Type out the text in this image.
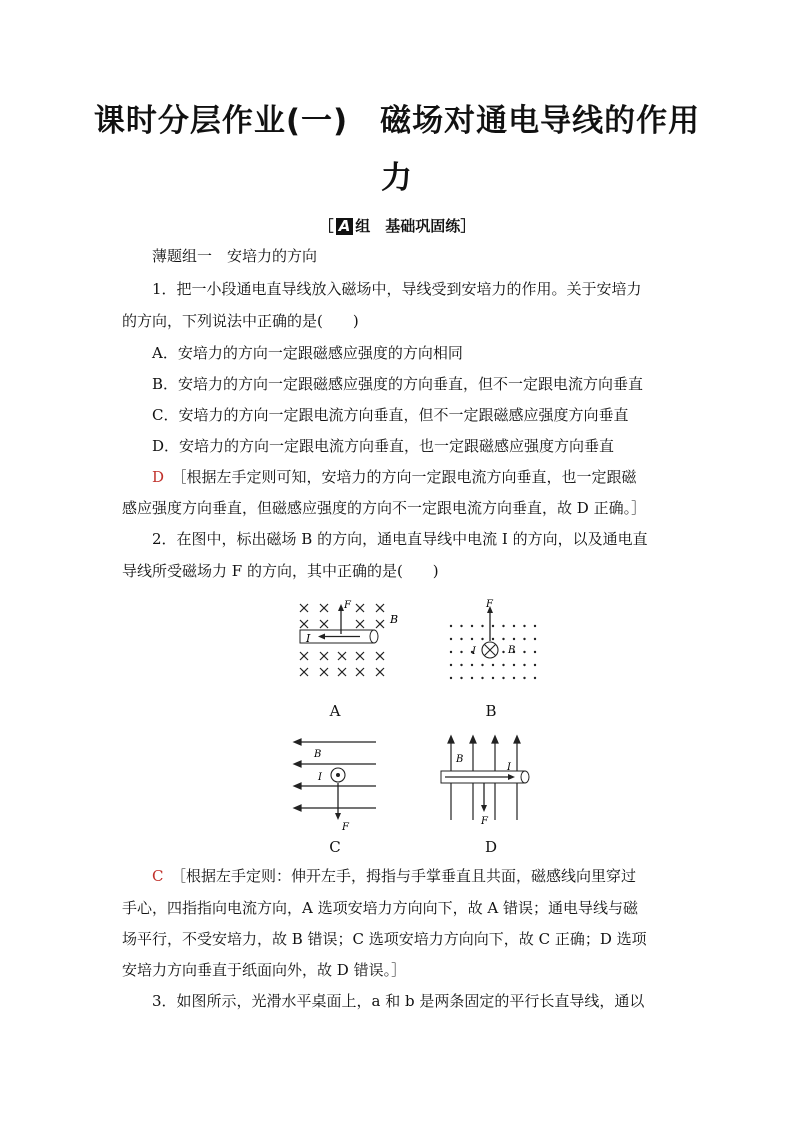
课时分层作业(一)　磁场对通电导线的作用
力
［ A 组　基础巩固练］
薄题组一　安培力的方向
1．把一小段通电直导线放入磁场中，导线受到安培力的作用。关于安培力
的方向，下列说法中正确的是(　　)
A．安培力的方向一定跟磁感应强度的方向相同
B．安培力的方向一定跟磁感应强度的方向垂直，但不一定跟电流方向垂直
C．安培力的方向一定跟电流方向垂直，但不一定跟磁感应强度方向垂直
D．安培力的方向一定跟电流方向垂直，也一定跟磁感应强度方向垂直
D　 ［根据左手定则可知，安培力的方向一定跟电流方向垂直，也一定跟磁
感应强度方向垂直，但磁感应强度的方向不一定跟电流方向垂直，故 D 正确。］
2．在图中，标出磁场 B 的方向，通电直导线中电流 I 的方向，以及通电直
导线所受磁场力 F 的方向，其中正确的是(　　)
I
F
B
F
I	B
A	B
B
I
F
B
I
F
C	D
C　 ［根据左手定则：伸开左手，拇指与手掌垂直且共面，磁感线向里穿过
手心，四指指向电流方向，A 选项安培力方向向下，故 A 错误；通电导线与磁
场平行，不受安培力，故 B 错误；C 选项安培力方向向下，故 C 正确；D 选项
安培力方向垂直于纸面向外，故 D 错误。］
3．如图所示，光滑水平桌面上，a 和 b 是两条固定的平行长直导线，通以
